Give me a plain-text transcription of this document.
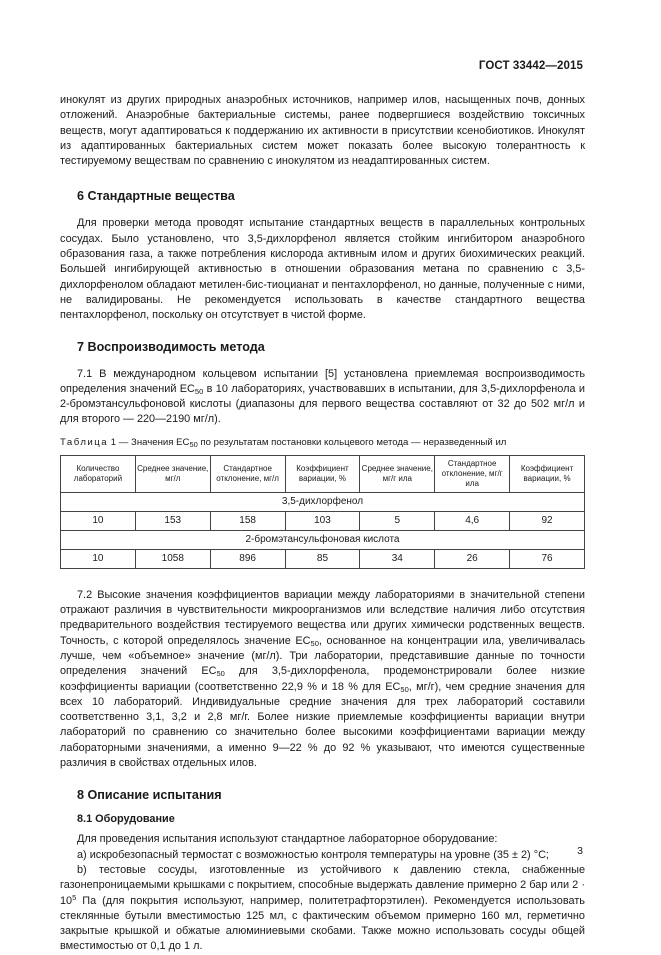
ГОСТ 33442—2015

инокулят из других природных анаэробных источников, например илов, насыщенных почв, донных отложений. Анаэробные бактериальные системы, ранее подвергшиеся воздействию токсичных веществ, могут адаптироваться к поддержанию их активности в присутствии ксенобиотиков. Инокулят из адаптированных бактериальных систем может показать более высокую толерантность к тестируемому веществам по сравнению с инокулятом из неадаптированных систем.

6 Стандартные вещества

Для проверки метода проводят испытание стандартных веществ в параллельных контрольных сосудах. Было установлено, что 3,5-дихлорфенол является стойким ингибитором анаэробного образования газа, а также потребления кислорода активным илом и других биохимических реакций. Большей ингибирующей активностью в отношении образования метана по сравнению с 3,5-дихлорфенолом обладают метилен-бис-тиоцианат и пентахлорфенол, но данные, полученные с ними, не валидированы. Не рекомендуется использовать в качестве стандартного вещества пентахлорфенол, поскольку он отсутствует в чистой форме.

7 Воспроизводимость метода

7.1 В международном кольцевом испытании [5] установлена приемлемая воспроизводимость определения значений $EC_{50}$ в 10 лабораториях, участвовавших в испытании, для 3,5-дихлорфенола и 2-бромэтансульфоновой кислоты (диапазоны для первого вещества составляют от 32 до 502 мг/л и для второго — 220—2190 мг/л).

Таблица 1 — Значения $EC_{50}$ по результатам постановки кольцевого метода — неразведенный ил
Количество лабораторий	Среднее значение, мг/л	Стандартное отклонение, мг/л	Коэффициент вариации, %	Среднее значение, мг/г ила	Стандартное отклонение, мг/г ила	Коэффициент вариации, %
3,5-дихлорфенол						
10	153	158	103	5	4,6	92
2-бромэтансульфоновая кислота						
10	1058	896	85	34	26	76

7.2 Высокие значения коэффициентов вариации между лабораториями в значительной степени отражают различия в чувствительности микроорганизмов или вследствие наличия либо отсутствия предварительного воздействия тестируемого вещества или других химически родственных веществ. Точность, с которой определялось значение $EC_{50}$, основанное на концентрации ила, увеличивалась лучше, чем «объемное» значение (мг/л). Три лаборатории, представившие данные по точности определения значений $EC_{50}$ для 3,5-дихлорфенола, продемонстрировали более низкие коэффициенты вариации (соответственно 22,9 % и 18 % для $EC_{50}$, мг/г), чем средние значения для всех 10 лабораторий. Индивидуальные средние значения для трех лабораторий составили соответственно 3,1, 3,2 и 2,8 мг/г. Более низкие приемлемые коэффициенты вариации внутри лабораторий по сравнению со значительно более высокими коэффициентами вариации между лабораторными значениями, а именно 9—22 % до 92 % указывают, что имеются существенные различия в свойствах отдельных илов.

8 Описание испытания
8.1 Оборудование

Для проведения испытания используют стандартное лабораторное оборудование:

а) искробезопасный термостат с возможностью контроля температуры на уровне (35 ± 2) °С;

b) тестовые сосуды, изготовленные из устойчивого к давлению стекла, снабженные газонепроницаемыми крышками с покрытием, способные выдержать давление примерно 2 бар или $2 \cdot 10^5$ Па (для покрытия используют, например, политетрафторэтилен). Рекомендуется использовать стеклянные бутыли вместимостью 125 мл, с фактическим объемом примерно 160 мл, герметично закрытые крышкой и обжатые алюминиевыми скобами. Также можно использовать сосуды общей вместимостью от 0,1 до 1 л.

3
